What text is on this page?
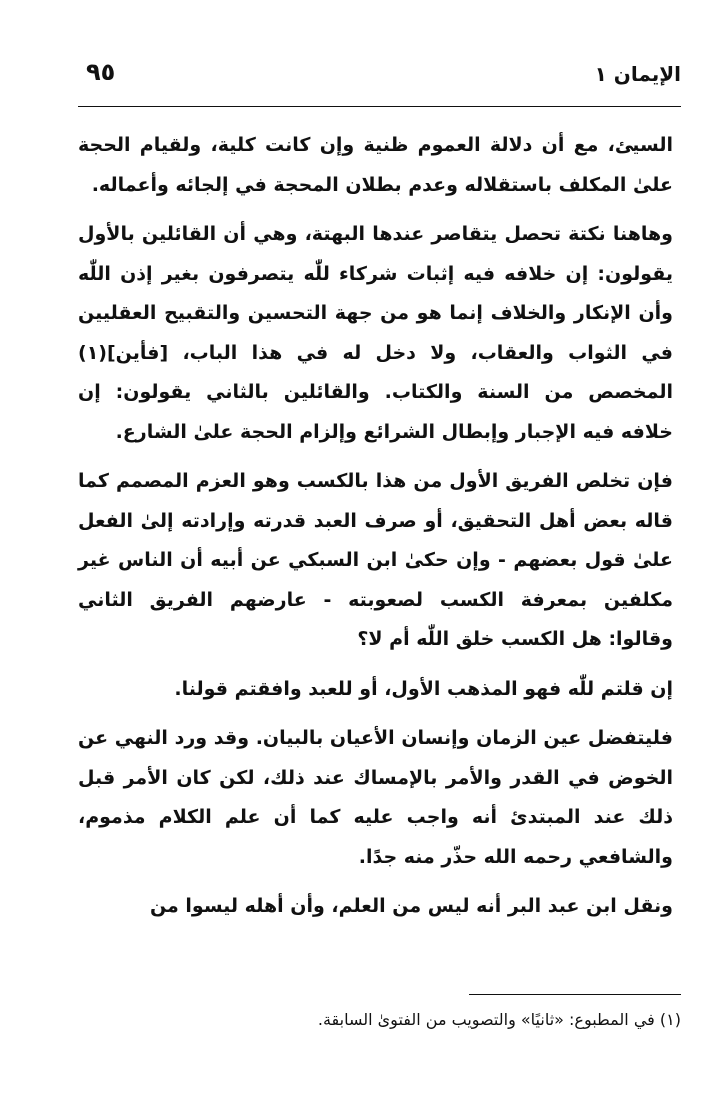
الإيمان ١
٩٥

السيئ، مع أن دلالة العموم ظنية وإن كانت كلية، ولقيام الحجة علىٰ المكلف باستقلاله وعدم بطلان المحجة في إلجائه وأعماله.

وهاهنا نكتة تحصل يتقاصر عندها البهتة، وهي أن القائلين بالأول يقولون: إن خلافه فيه إثبات شركاء للّٰه يتصرفون بغير إذن اللّٰه وأن الإنكار والخلاف إنما هو من جهة التحسين والتقبيح العقليين في الثواب والعقاب، ولا دخل له في هذا الباب، [فأين](١) المخصص من السنة والكتاب. والقائلين بالثاني يقولون: إن خلافه فيه الإجبار وإبطال الشرائع وإلزام الحجة علىٰ الشارع.

فإن تخلص الفريق الأول من هذا بالكسب وهو العزم المصمم كما قاله بعض أهل التحقيق، أو صرف العبد قدرته وإرادته إلىٰ الفعل علىٰ قول بعضهم - وإن حكىٰ ابن السبكي عن أبيه أن الناس غير مكلفين بمعرفة الكسب لصعوبته - عارضهم الفريق الثاني وقالوا: هل الكسب خلق اللّٰه أم لا؟

إن قلتم للّٰه فهو المذهب الأول، أو للعبد وافقتم قولنا.

فليتفضل عين الزمان وإنسان الأعيان بالبيان. وقد ورد النهي عن الخوض في القدر والأمر بالإمساك عند ذلك، لكن كان الأمر قبل ذلك عند المبتدئ أنه واجب عليه كما أن علم الكلام مذموم، والشافعي رحمه الله حذّر منه جدًا.

ونقل ابن عبد البر أنه ليس من العلم، وأن أهله ليسوا من

(١) في المطبوع: «ثانيًا» والتصويب من الفتوىٰ السابقة.
